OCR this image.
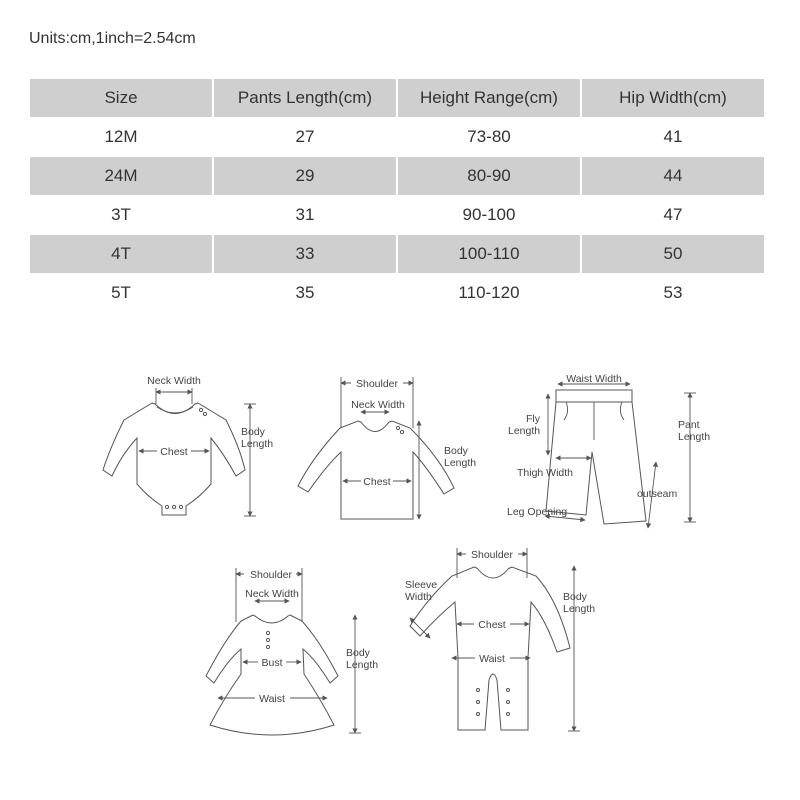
Units:cm,1inch=2.54cm
Size	Pants Length(cm)	Height Range(cm)	Hip Width(cm)
12M	27	73-80	41
24M	29	80-90	44
3T	31	90-100	47
4T	33	100-110	50
5T	35	110-120	53
Neck Width
Chest
Body
Length
Shoulder
Neck Width
Chest
Body
Length
Waist Width
Fly
Length	Pant
Length
Thigh Width
outseam
Leg Opening
Shoulder
Neck Width
Bust
Waist
Body
Length
Shoulder
Sleeve
Width
Chest
Waist
Body
Length
